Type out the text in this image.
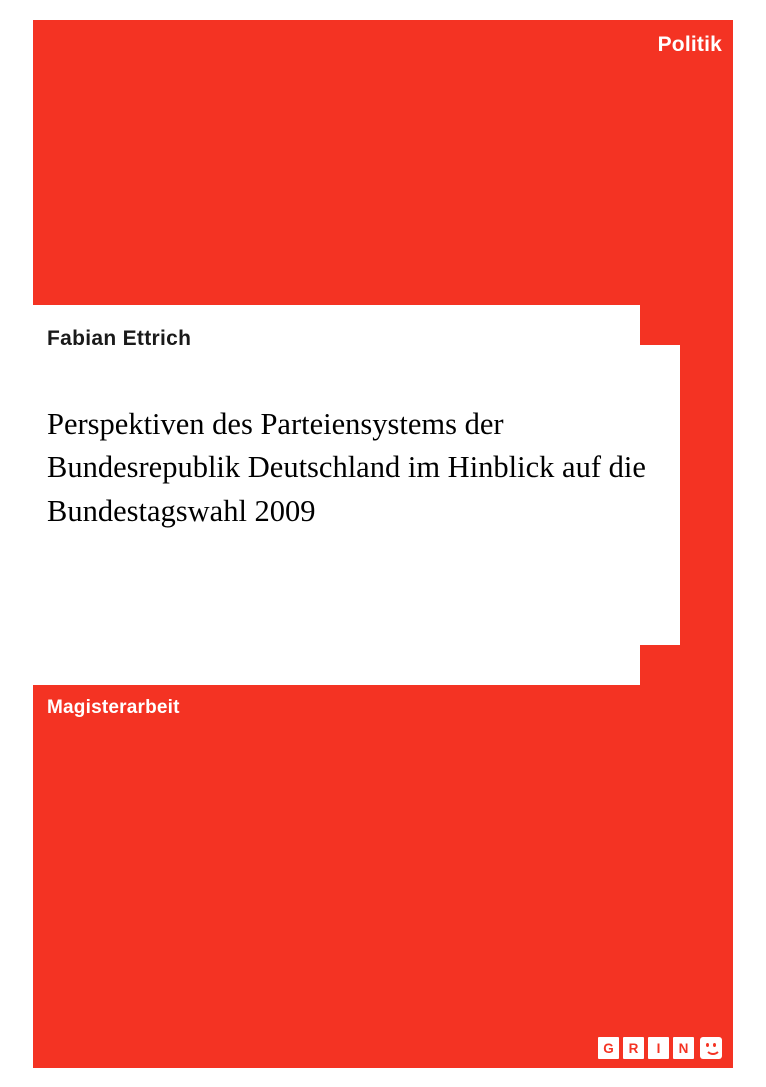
Politik
Fabian Ettrich
Perspektiven des Parteiensystems der Bundesrepublik Deutschland im Hinblick auf die Bundestagswahl 2009
Magisterarbeit
G	R	I	N
